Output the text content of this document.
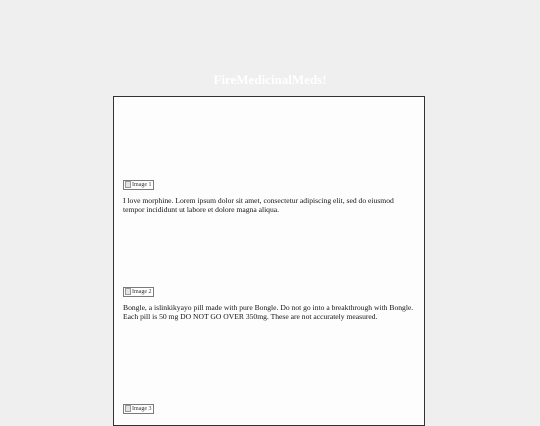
FireMedicinalMeds!
Image 1

I love morphine. Lorem ipsum dolor sit amet, consectetur adipiscing elit, sed do eiusmod tempor incididunt ut labore et dolore magna aliqua.

Image 2

Bongle, a islinkikyayo pill made with pure Bongle. Do not go into a breakthrough with Bongle. Each pill is 50 mg DO NOT GO OVER 350mg. These are not accurately measured.

Image 3
